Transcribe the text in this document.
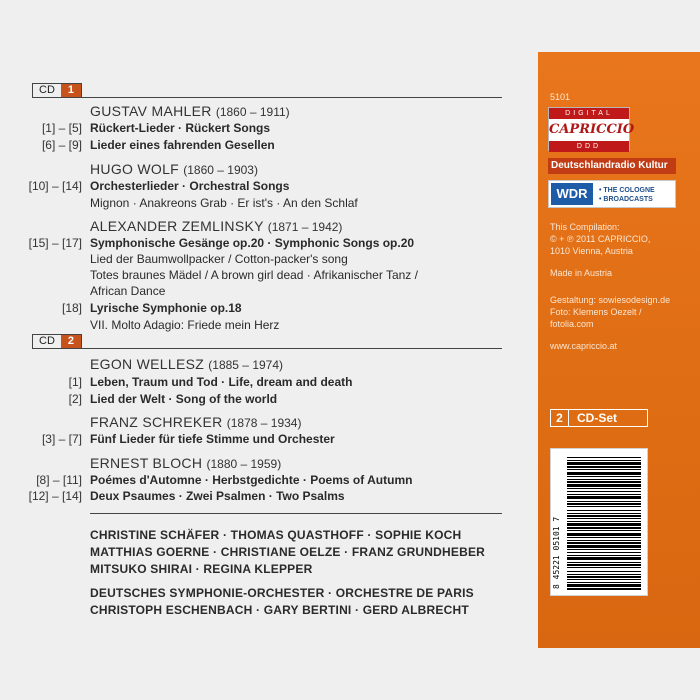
CD	1
GUSTAV MAHLER (1860 – 1911)
[1] – [5] Rückert-Lieder · Rückert Songs
[6] – [9] Lieder eines fahrenden Gesellen
HUGO WOLF (1860 – 1903)
[10] – [14] Orchesterlieder · Orchestral Songs
Mignon · Anakreons Grab · Er ist's · An den Schlaf
ALEXANDER ZEMLINSKY (1871 – 1942)
[15] – [17] Symphonische Gesänge op.20 · Symphonic Songs op.20
Lied der Baumwollpacker / Cotton-packer's song
Totes braunes Mädel / A brown girl dead · Afrikanischer Tanz /
African Dance
[18] Lyrische Symphonie op.18
VII. Molto Adagio: Friede mein Herz
CD	2
EGON WELLESZ (1885 – 1974)
[1] Leben, Traum und Tod · Life, dream and death
[2] Lied der Welt · Song of the world
FRANZ SCHREKER (1878 – 1934)
[3] – [7] Fünf Lieder für tiefe Stimme und Orchester
ERNEST BLOCH (1880 – 1959)
[8] – [11] Poémes d'Automne · Herbstgedichte · Poems of Autumn
[12] – [14] Deux Psaumes · Zwei Psalmen · Two Psalms
CHRISTINE SCHÄFER · THOMAS QUASTHOFF · SOPHIE KOCH
MATTHIAS GOERNE · CHRISTIANE OELZE · FRANZ GRUNDHEBER
MITSUKO SHIRAI · REGINA KLEPPER
DEUTSCHES SYMPHONIE-ORCHESTER · ORCHESTRE DE PARIS
CHRISTOPH ESCHENBACH · GARY BERTINI · GERD ALBRECHT
5101
DIGITAL
CAPRICCIO
DDD
Deutschlandradio Kultur
WDR	• THE COLOGNE
• BROADCASTS
This Compilation:
© + ℗ 2011 CAPRICCIO,
1010 Vienna, Austria
Made in Austria
Gestaltung: sowiesodesign.de
Foto: Klemens Oezelt /
fotolia.com
www.capriccio.at
2	CD-Set
8 45221 05101 7
